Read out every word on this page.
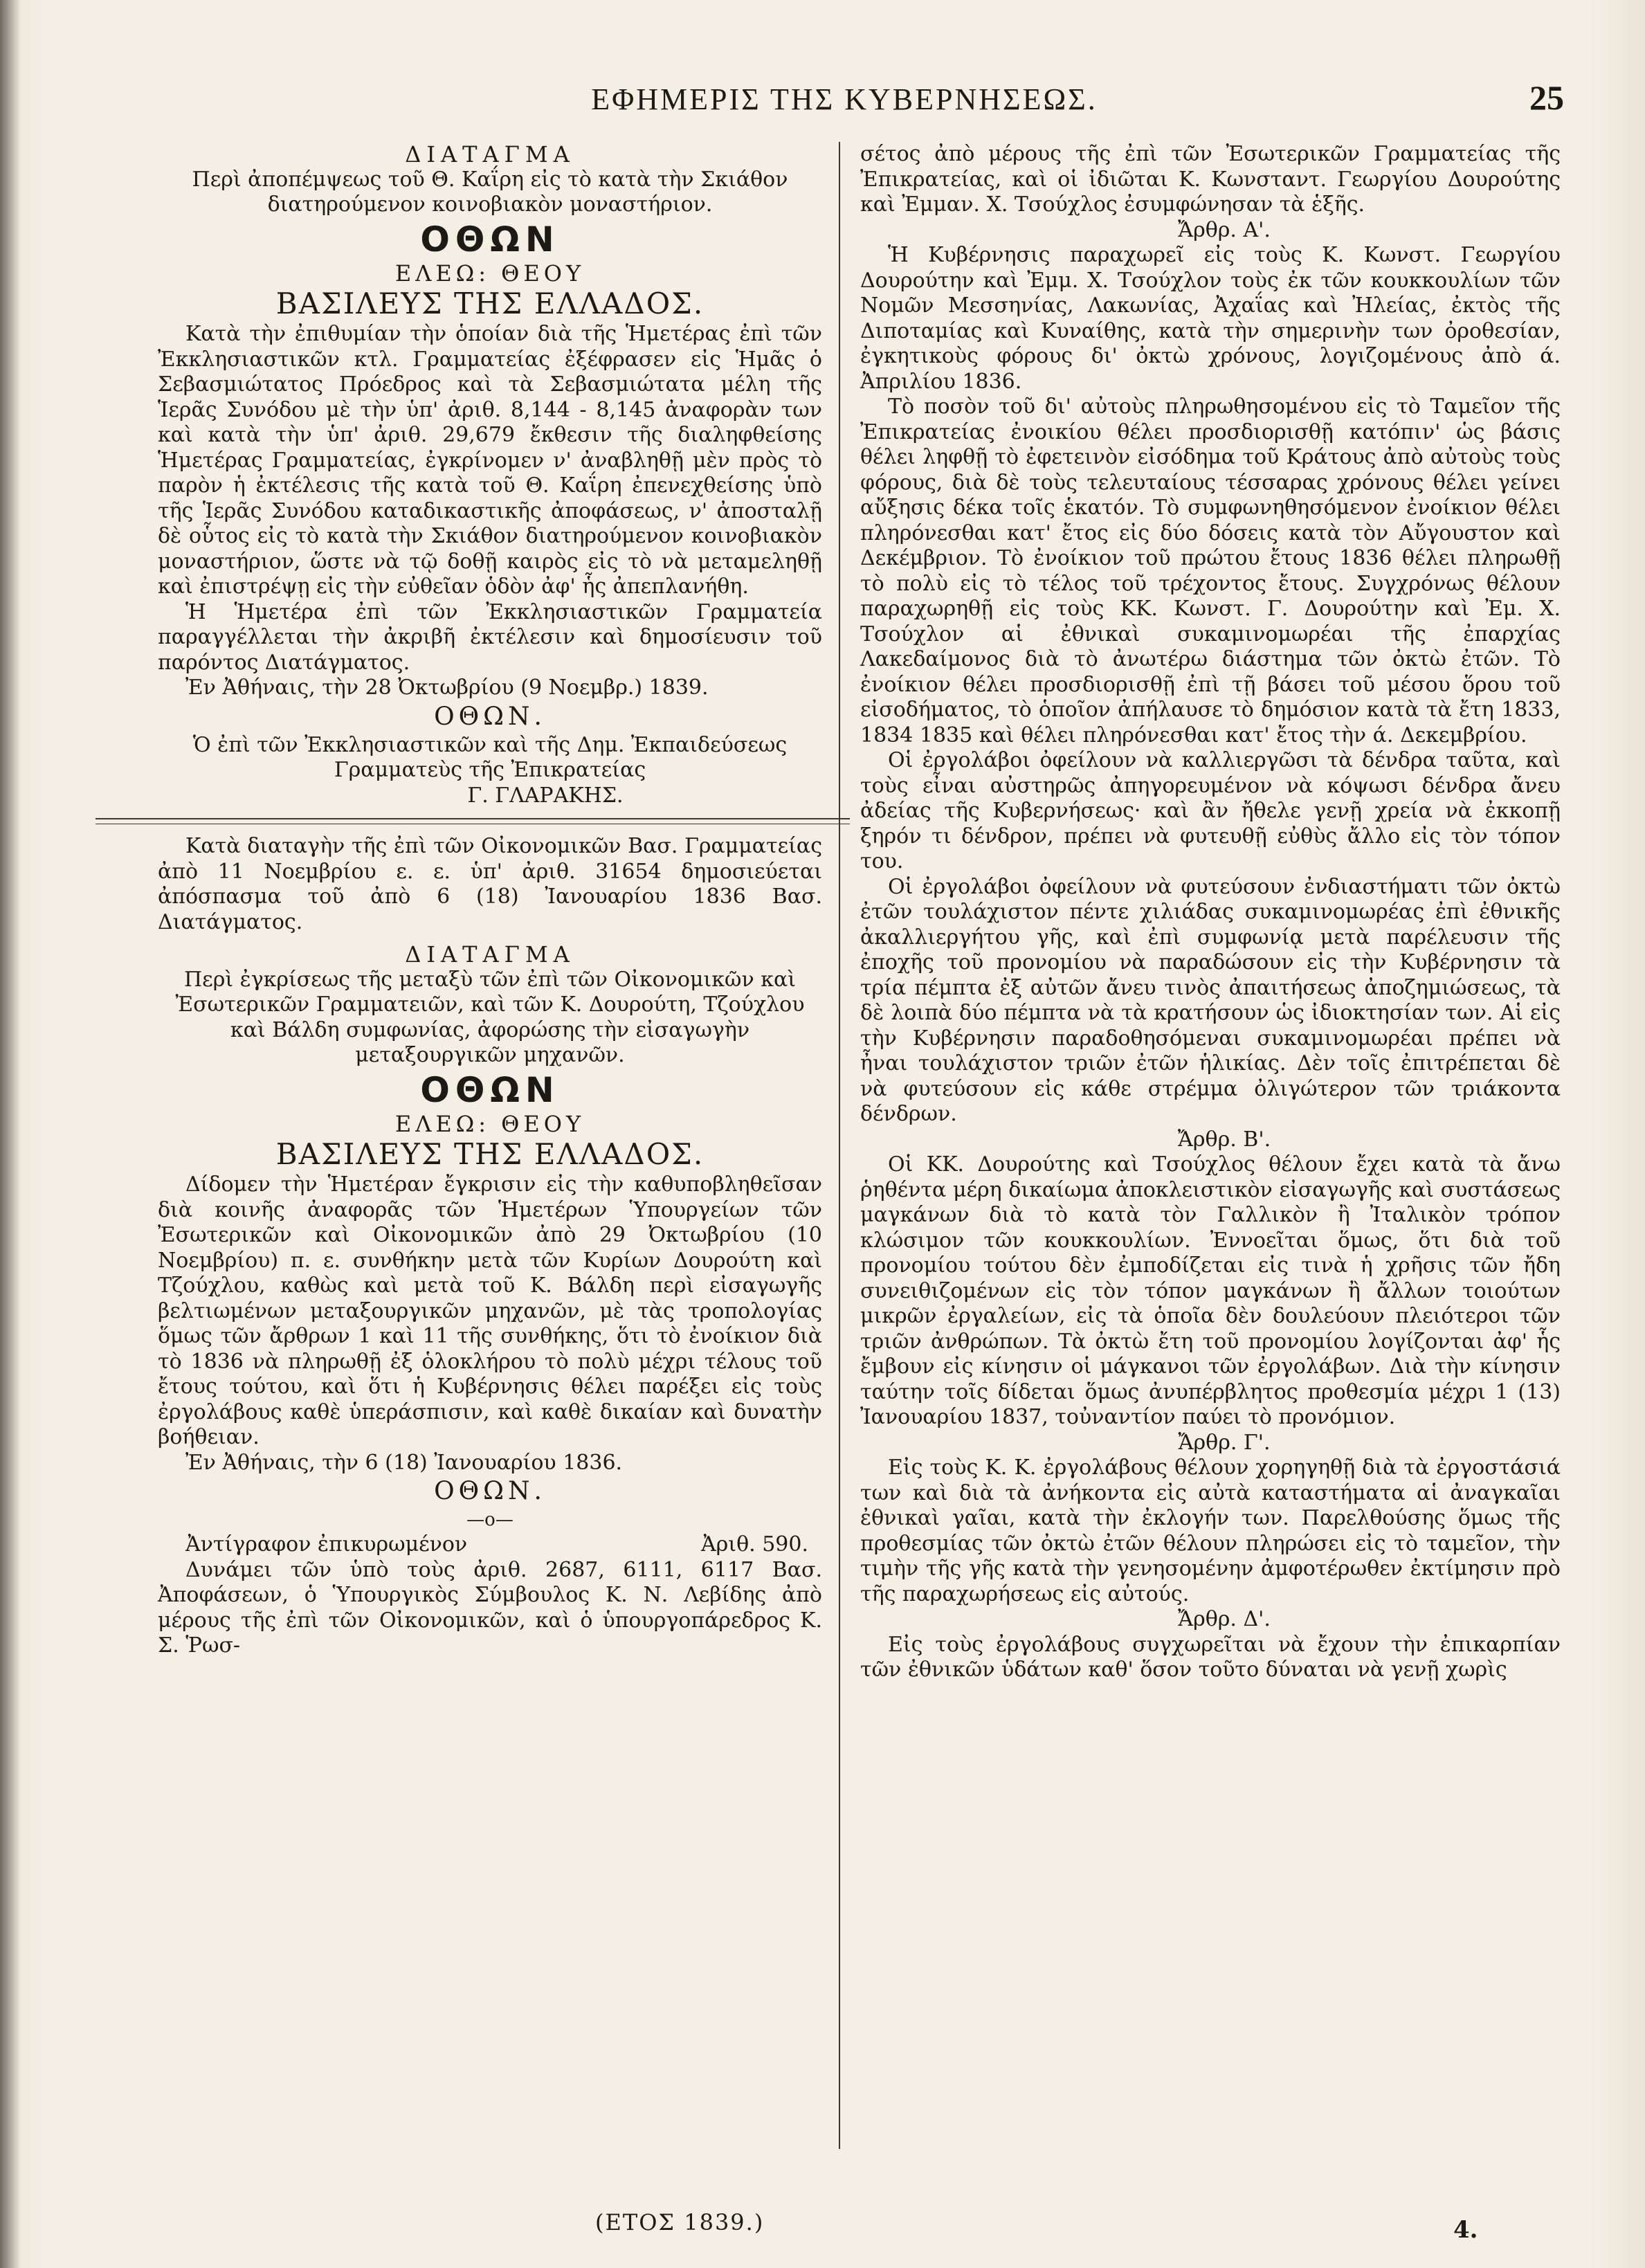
ΕΦΗΜΕΡΙΣ ΤΗΣ ΚΥΒΕΡΝΗΣΕΩΣ.	25

ΔΙΑΤΑΓΜΑ

Περὶ ἀποπέμψεως τοῦ Θ. Καΐρη εἰς τὸ κατὰ τὴν Σκιάθον διατηρούμενον κοινοβιακὸν μοναστήριον.

ΟΘΩΝ

ΕΛΕΩ: ΘΕΟΥ

ΒΑΣΙΛΕΥΣ ΤΗΣ ΕΛΛΑΔΟΣ.

Κατὰ τὴν ἐπιθυμίαν τὴν ὁποίαν διὰ τῆς Ἡμετέρας ἐπὶ τῶν Ἐκκλησιαστικῶν κτλ. Γραμματείας ἐξέφρασεν εἰς Ἡμᾶς ὁ Σεβασμιώτατος Πρόεδρος καὶ τὰ Σεβασμιώτατα μέλη τῆς Ἱερᾶς Συνόδου μὲ τὴν ὑπ' ἀριθ. 8,144 - 8,145 ἀναφορὰν των καὶ κατὰ τὴν ὑπ' ἀριθ. 29,679 ἔκθεσιν τῆς διαληφθείσης Ἡμετέρας Γραμματείας, ἐγκρίνομεν ν' ἀναβληθῇ μὲν πρὸς τὸ παρὸν ἡ ἐκτέλεσις τῆς κατὰ τοῦ Θ. Καΐρη ἐπενεχθείσης ὑπὸ τῆς Ἱερᾶς Συνόδου καταδικαστικῆς ἀποφάσεως, ν' ἀποσταλῇ δὲ οὗτος εἰς τὸ κατὰ τὴν Σκιάθον διατηρούμενον κοινοβιακὸν μοναστήριον, ὥστε νὰ τῷ δοθῇ καιρὸς εἰς τὸ νὰ μεταμεληθῇ καὶ ἐπιστρέψῃ εἰς τὴν εὐθεῖαν ὁδὸν ἀφ' ἧς ἀπεπλανήθη.

Ἡ Ἡμετέρα ἐπὶ τῶν Ἐκκλησιαστικῶν Γραμματεία παραγγέλλεται τὴν ἀκριβῆ ἐκτέλεσιν καὶ δημοσίευσιν τοῦ παρόντος Διατάγματος.

Ἐν Ἀθήναις, τὴν 28 Ὀκτωβρίου (9 Νοεμβρ.) 1839.

ΟΘΩΝ.

Ὁ ἐπὶ τῶν Ἐκκλησιαστικῶν καὶ τῆς Δημ. Ἐκπαιδεύσεως Γραμματεὺς τῆς Ἐπικρατείας

Γ. ΓΛΑΡΑΚΗΣ.

Κατὰ διαταγὴν τῆς ἐπὶ τῶν Οἰκονομικῶν Βασ. Γραμματείας ἀπὸ 11 Νοεμβρίου ε. ε. ὑπ' ἀριθ. 31654 δημοσιεύεται ἀπόσπασμα τοῦ ἀπὸ 6 (18) Ἰανουαρίου 1836 Βασ. Διατάγματος.

ΔΙΑΤΑΓΜΑ

Περὶ ἐγκρίσεως τῆς μεταξὺ τῶν ἐπὶ τῶν Οἰκονομικῶν καὶ Ἐσωτερικῶν Γραμματειῶν, καὶ τῶν Κ. Δουρούτη, Τζούχλου καὶ Βάλδη συμφωνίας, ἀφορώσης τὴν εἰσαγωγὴν μεταξουργικῶν μηχανῶν.

ΟΘΩΝ

ΕΛΕΩ: ΘΕΟΥ

ΒΑΣΙΛΕΥΣ ΤΗΣ ΕΛΛΑΔΟΣ.

Δίδομεν τὴν Ἡμετέραν ἔγκρισιν εἰς τὴν καθυποβληθεῖσαν διὰ κοινῆς ἀναφορᾶς τῶν Ἡμετέρων Ὑπουργείων τῶν Ἐσωτερικῶν καὶ Οἰκονομικῶν ἀπὸ 29 Ὀκτωβρίου (10 Νοεμβρίου) π. ε. συνθήκην μετὰ τῶν Κυρίων Δουρούτη καὶ Τζούχλου, καθὼς καὶ μετὰ τοῦ Κ. Βάλδη περὶ εἰσαγωγῆς βελτιωμένων μεταξουργικῶν μηχανῶν, μὲ τὰς τροπολογίας ὅμως τῶν ἄρθρων 1 καὶ 11 τῆς συνθήκης, ὅτι τὸ ἐνοίκιον διὰ τὸ 1836 νὰ πληρωθῇ ἐξ ὁλοκλήρου τὸ πολὺ μέχρι τέλους τοῦ ἔτους τούτου, καὶ ὅτι ἡ Κυβέρνησις θέλει παρέξει εἰς τοὺς ἐργολάβους καθὲ ὑπεράσπισιν, καὶ καθὲ δικαίαν καὶ δυνατὴν βοήθειαν.

Ἐν Ἀθήναις, τὴν 6 (18) Ἰανουαρίου 1836.

ΟΘΩΝ.

—o—

Ἀντίγραφον ἐπικυρωμένον	Ἀριθ. 590.

Δυνάμει τῶν ὑπὸ τοὺς ἀριθ. 2687, 6111, 6117 Βασ. Ἀποφάσεων, ὁ Ὑπουργικὸς Σύμβουλος Κ. Ν. Λεβίδης ἀπὸ μέρους τῆς ἐπὶ τῶν Οἰκονομικῶν, καὶ ὁ ὑπουργοπάρεδρος Κ. Σ. Ῥωσ-

σέτος ἀπὸ μέρους τῆς ἐπὶ τῶν Ἐσωτερικῶν Γραμματείας τῆς Ἐπικρατείας, καὶ οἱ ἰδιῶται Κ. Κωνσταντ. Γεωργίου Δουρούτης καὶ Ἐμμαν. Χ. Τσούχλος ἐσυμφώνησαν τὰ ἑξῆς.

Ἄρθρ. Α'.

Ἡ Κυβέρνησις παραχωρεῖ εἰς τοὺς Κ. Κωνστ. Γεωργίου Δουρούτην καὶ Ἐμμ. Χ. Τσούχλον τοὺς ἐκ τῶν κουκκουλίων τῶν Νομῶν Μεσσηνίας, Λακωνίας, Ἀχαΐας καὶ Ἠλείας, ἐκτὸς τῆς Διποταμίας καὶ Κυναίθης, κατὰ τὴν σημερινὴν των ὀροθεσίαν, ἐγκητικοὺς φόρους δι' ὀκτὼ χρόνους, λογιζομένους ἀπὸ ά. Ἀπριλίου 1836.

Τὸ ποσὸν τοῦ δι' αὐτοὺς πληρωθησομένου εἰς τὸ Ταμεῖον τῆς Ἐπικρατείας ἐνοικίου θέλει προσδιορισθῇ κατόπιν' ὡς βάσις θέλει ληφθῇ τὸ ἐφετεινὸν εἰσόδημα τοῦ Κράτους ἀπὸ αὐτοὺς τοὺς φόρους, διὰ δὲ τοὺς τελευταίους τέσσαρας χρόνους θέλει γείνει αὔξησις δέκα τοῖς ἑκατόν. Τὸ συμφωνηθησόμενον ἐνοίκιον θέλει πληρόνεσθαι κατ' ἔτος εἰς δύο δόσεις κατὰ τὸν Αὔγουστον καὶ Δεκέμβριον. Τὸ ἐνοίκιον τοῦ πρώτου ἔτους 1836 θέλει πληρωθῇ τὸ πολὺ εἰς τὸ τέλος τοῦ τρέχοντος ἔτους. Συγχρόνως θέλουν παραχωρηθῇ εἰς τοὺς ΚΚ. Κωνστ. Γ. Δουρούτην καὶ Ἐμ. Χ. Τσούχλον αἱ ἐθνικαὶ συκαμινομωρέαι τῆς ἐπαρχίας Λακεδαίμονος διὰ τὸ ἀνωτέρω διάστημα τῶν ὀκτὼ ἐτῶν. Τὸ ἐνοίκιον θέλει προσδιορισθῇ ἐπὶ τῇ βάσει τοῦ μέσου ὅρου τοῦ εἰσοδήματος, τὸ ὁποῖον ἀπήλαυσε τὸ δημόσιον κατὰ τὰ ἔτη 1833, 1834 1835 καὶ θέλει πληρόνεσθαι κατ' ἔτος τὴν ά. Δεκεμβρίου.

Οἱ ἐργολάβοι ὀφείλουν νὰ καλλιεργῶσι τὰ δένδρα ταῦτα, καὶ τοὺς εἶναι αὐστηρῶς ἀπηγορευμένον νὰ κόψωσι δένδρα ἄνευ ἀδείας τῆς Κυβερνήσεως· καὶ ἂν ἤθελε γενῇ χρεία νὰ ἐκκοπῇ ξηρόν τι δένδρον, πρέπει νὰ φυτευθῇ εὐθὺς ἄλλο εἰς τὸν τόπον του.

Οἱ ἐργολάβοι ὀφείλουν νὰ φυτεύσουν ἐνδιαστήματι τῶν ὀκτὼ ἐτῶν τουλάχιστον πέντε χιλιάδας συκαμινομωρέας ἐπὶ ἐθνικῆς ἀκαλλιεργήτου γῆς, καὶ ἐπὶ συμφωνίᾳ μετὰ παρέλευσιν τῆς ἐποχῆς τοῦ προνομίου νὰ παραδώσουν εἰς τὴν Κυβέρνησιν τὰ τρία πέμπτα ἐξ αὐτῶν ἄνευ τινὸς ἀπαιτήσεως ἀποζημιώσεως, τὰ δὲ λοιπὰ δύο πέμπτα νὰ τὰ κρατήσουν ὡς ἰδιοκτησίαν των. Αἱ εἰς τὴν Κυβέρνησιν παραδοθησόμεναι συκαμινομωρέαι πρέπει νὰ ἦναι τουλάχιστον τριῶν ἐτῶν ἡλικίας. Δὲν τοῖς ἐπιτρέπεται δὲ νὰ φυτεύσουν εἰς κάθε στρέμμα ὀλιγώτερον τῶν τριάκοντα δένδρων.

Ἄρθρ. Β'.

Οἱ ΚΚ. Δουρούτης καὶ Τσούχλος θέλουν ἔχει κατὰ τὰ ἄνω ῥηθέντα μέρη δικαίωμα ἀποκλειστικὸν εἰσαγωγῆς καὶ συστάσεως μαγκάνων διὰ τὸ κατὰ τὸν Γαλλικὸν ἢ Ἰταλικὸν τρόπον κλώσιμον τῶν κουκκουλίων. Ἐννοεῖται ὅμως, ὅτι διὰ τοῦ προνομίου τούτου δὲν ἐμποδίζεται εἰς τινὰ ἡ χρῆσις τῶν ἤδη συνειθιζομένων εἰς τὸν τόπον μαγκάνων ἢ ἄλλων τοιούτων μικρῶν ἐργαλείων, εἰς τὰ ὁποῖα δὲν δουλεύουν πλειότεροι τῶν τριῶν ἀνθρώπων. Τὰ ὀκτὼ ἔτη τοῦ προνομίου λογίζονται ἀφ' ἧς ἔμβουν εἰς κίνησιν οἱ μάγκανοι τῶν ἐργολάβων. Διὰ τὴν κίνησιν ταύτην τοῖς δίδεται ὅμως ἀνυπέρβλητος προθεσμία μέχρι 1 (13) Ἰανουαρίου 1837, τοὐναντίον παύει τὸ προνόμιον.

Ἄρθρ. Γ'.

Εἰς τοὺς Κ. Κ. ἐργολάβους θέλουν χορηγηθῇ διὰ τὰ ἐργοστάσιά των καὶ διὰ τὰ ἀνήκοντα εἰς αὐτὰ καταστήματα αἱ ἀναγκαῖαι ἐθνικαὶ γαῖαι, κατὰ τὴν ἐκλογήν των. Παρελθούσης ὅμως τῆς προθεσμίας τῶν ὀκτὼ ἐτῶν θέλουν πληρώσει εἰς τὸ ταμεῖον, τὴν τιμὴν τῆς γῆς κατὰ τὴν γενησομένην ἀμφοτέρωθεν ἐκτίμησιν πρὸ τῆς παραχωρήσεως εἰς αὐτούς.

Ἄρθρ. Δ'.

Εἰς τοὺς ἐργολάβους συγχωρεῖται νὰ ἔχουν τὴν ἐπικαρπίαν τῶν ἐθνικῶν ὑδάτων καθ' ὅσον τοῦτο δύναται νὰ γενῇ χωρὶς

(ΕΤΟΣ 1839.)	4.
